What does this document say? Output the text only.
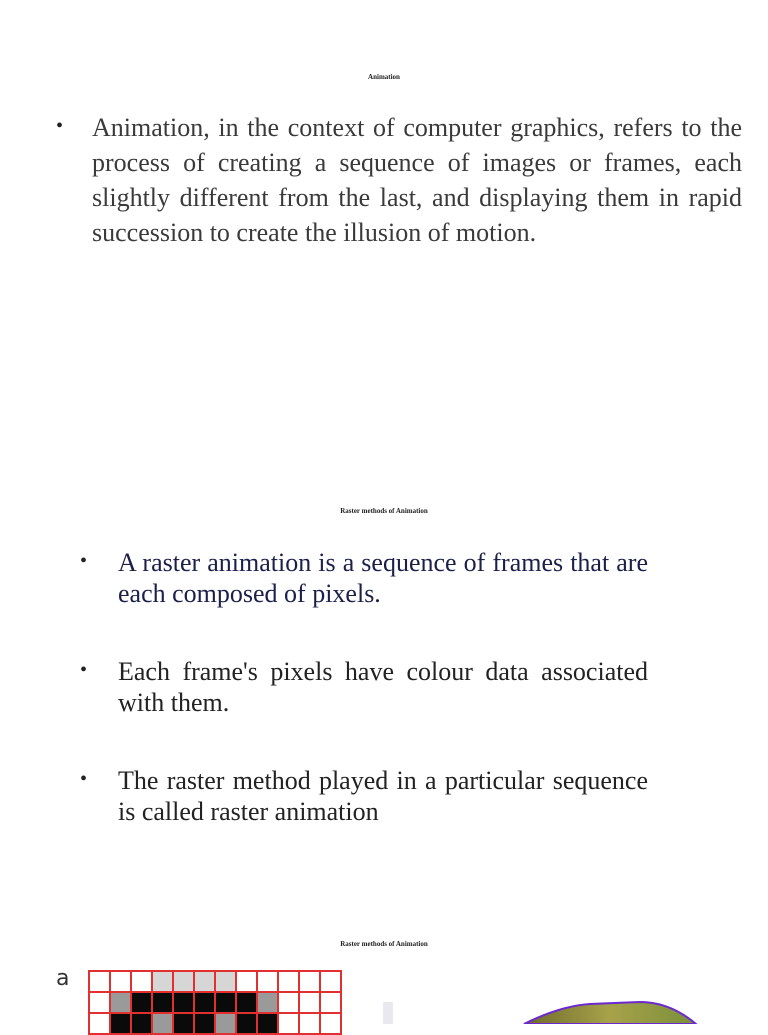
Animation
• Animation, in the context of computer graphics, refers to the process of creating a sequence of images or frames, each slightly different from the last, and displaying them in rapid succession to create the illusion of motion.
Raster methods of Animation
• A raster animation is a sequence of frames that are each composed of pixels.
• Each frame's pixels have colour data associated with them.
• The raster method played in a particular sequence is called raster animation
Raster methods of Animation
a
